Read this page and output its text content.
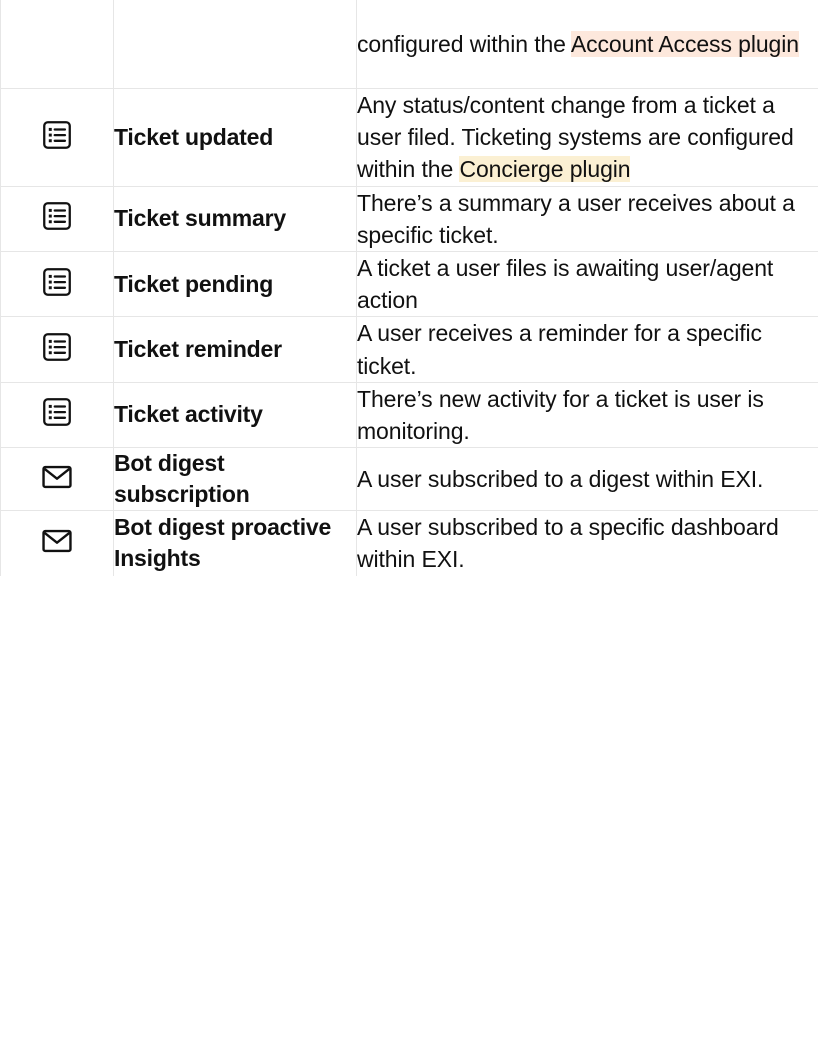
		configured within the Account Access plugin

	Ticket updated	Any status/content change from a ticket a user filed. Ticketing systems are configured within the Concierge plugin

	Ticket summary	There’s a summary a user receives about a specific ticket.

	Ticket pending	A ticket a user files is awaiting user/agent action

	Ticket reminder	A user receives a reminder for a specific ticket.

	Ticket activity	There’s new activity for a ticket is user is monitoring.

	Bot digest subscription	A user subscribed to a digest within EXI.

	Bot digest proactive Insights	A user subscribed to a specific dashboard within EXI.
